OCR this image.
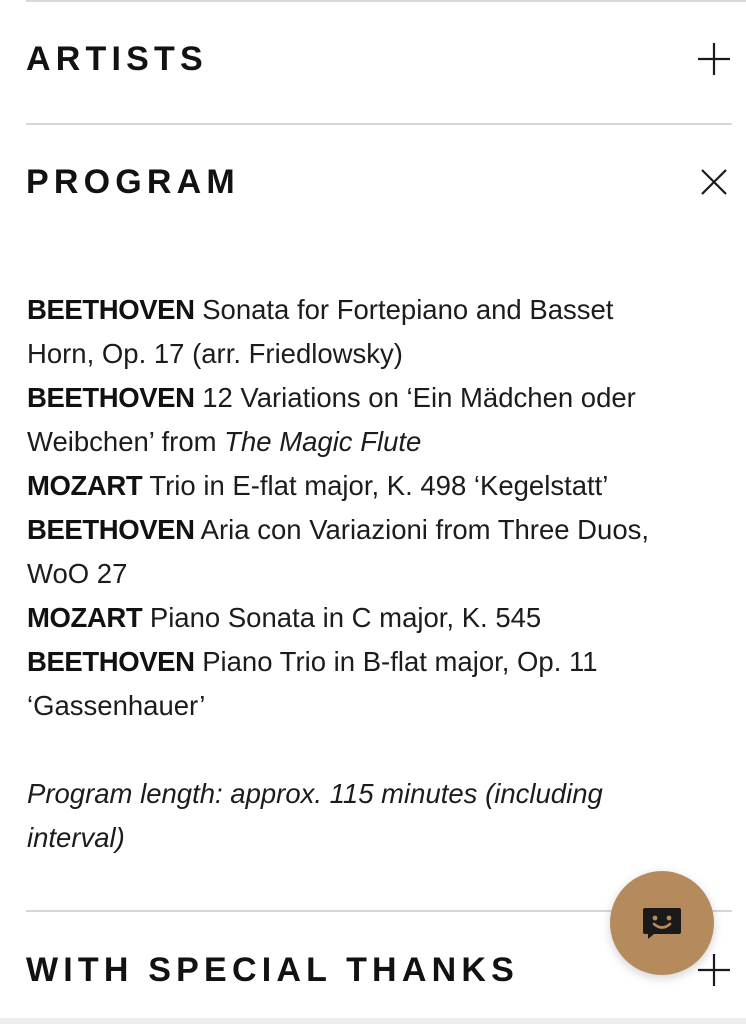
ARTISTS
PROGRAM
BEETHOVEN Sonata for Fortepiano and Basset
Horn, Op. 17 (arr. Friedlowsky)
BEETHOVEN 12 Variations on ‘Ein Mädchen oder
Weibchen’ from The Magic Flute
MOZART Trio in E-flat major, K. 498 ‘Kegelstatt’
BEETHOVEN Aria con Variazioni from Three Duos,
WoO 27
MOZART Piano Sonata in C major, K. 545
BEETHOVEN Piano Trio in B-flat major, Op. 11
‘Gassenhauer’
Program length: approx. 115 minutes (including
interval)
WITH SPECIAL THANKS
